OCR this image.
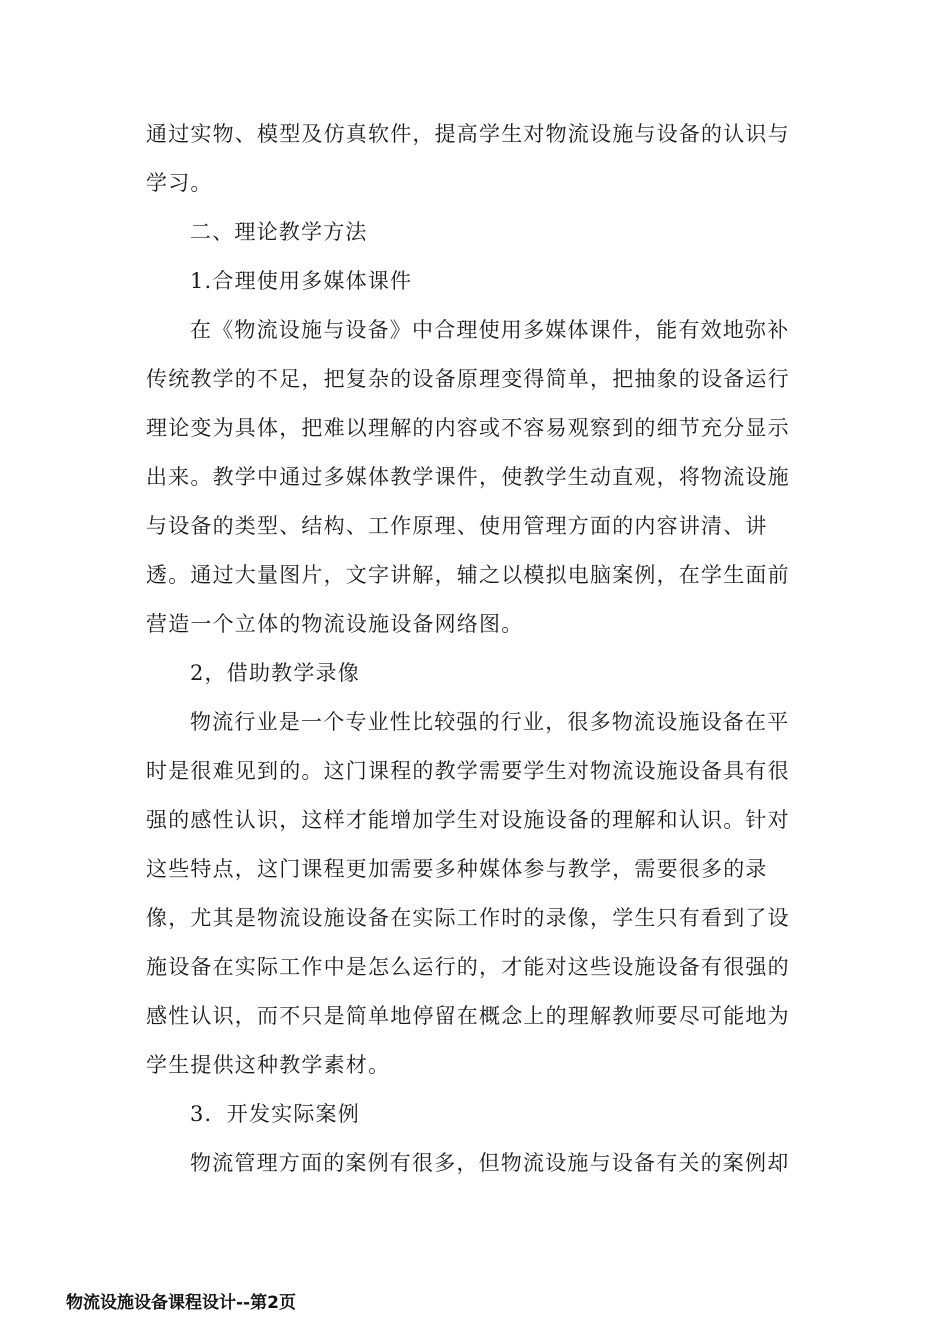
通过实物、模型及仿真软件，提高学生对物流设施与设备的认识与
学习。
二、理论教学方法
1.合理使用多媒体课件
在《物流设施与设备》中合理使用多媒体课件，能有效地弥补
传统教学的不足，把复杂的设备原理变得简单，把抽象的设备运行
理论变为具体，把难以理解的内容或不容易观察到的细节充分显示
出来。教学中通过多媒体教学课件，使教学生动直观，将物流设施
与设备的类型、结构、工作原理、使用管理方面的内容讲清、讲
透。通过大量图片，文字讲解，辅之以模拟电脑案例，在学生面前
营造一个立体的物流设施设备网络图。
2，借助教学录像
物流行业是一个专业性比较强的行业，很多物流设施设备在平
时是很难见到的。这门课程的教学需要学生对物流设施设备具有很
强的感性认识，这样才能增加学生对设施设备的理解和认识。针对
这些特点，这门课程更加需要多种媒体参与教学，需要很多的录
像，尤其是物流设施设备在实际工作时的录像，学生只有看到了设
施设备在实际工作中是怎么运行的，才能对这些设施设备有很强的
感性认识，而不只是简单地停留在概念上的理解教师要尽可能地为
学生提供这种教学素材。
3．开发实际案例
物流管理方面的案例有很多，但物流设施与设备有关的案例却
物流设施设备课程设计--第2页
